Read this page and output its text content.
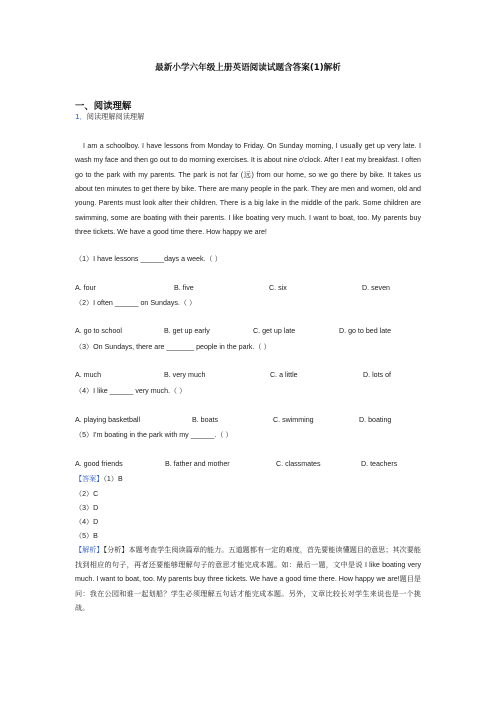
最新小学六年级上册英语阅读试题含答案(1)解析
一、阅读理解
1．阅读理解阅读理解
I am a schoolboy. I have lessons from Monday to Friday. On Sunday morning, I usually get up very late. I wash my face and then go out to do morning exercises. It is about nine o'clock. After I eat my breakfast. I often go to the park with my parents. The park is not far (远) from our home, so we go there by bike. It takes us about ten minutes to get there by bike. There are many people in the park. They are men and women, old and young. Parents must look after their children. There is a big lake in the middle of the park. Some children are swimming, some are boating with their parents. I like boating very much. I want to boat, too. My parents buy three tickets. We have a good time there. How happy we are!
（1）I have lessons ______days a week.（ ）
A. four	B. five	C. six	D. seven
（2）I often ______ on Sundays.（ ）
A. go to school	B. get up early	C. get up late	D. go to bed late
（3）On Sundays, there are _______ people in the park.（ ）
A. much	B. very much	C. a little	D. lots of
（4）I like ______ very much.（ ）
A. playing basketball	B. boats	C. swimming	D. boating
（5）I'm boating in the park with my ______.（ ）
A. good friends	B. father and mother	C. classmates	D. teachers
【答案】（1）B
（2）C
（3）D
（4）D
（5）B
【解析】【分析】本题考查学生阅读篇章的能力。五道题都有一定的难度，首先要能读懂题目的意思；其次要能找到相应的句子，再者还要能够理解句子的意思才能完成本题。如：最后一题，文中是说 I like boating very much. I want to boat, too. My parents buy three tickets. We have a good time there. How happy we are!题目是问：我在公园和谁一起划船？学生必须理解五句话才能完成本题。另外，文章比较长对学生来说也是一个挑战。
